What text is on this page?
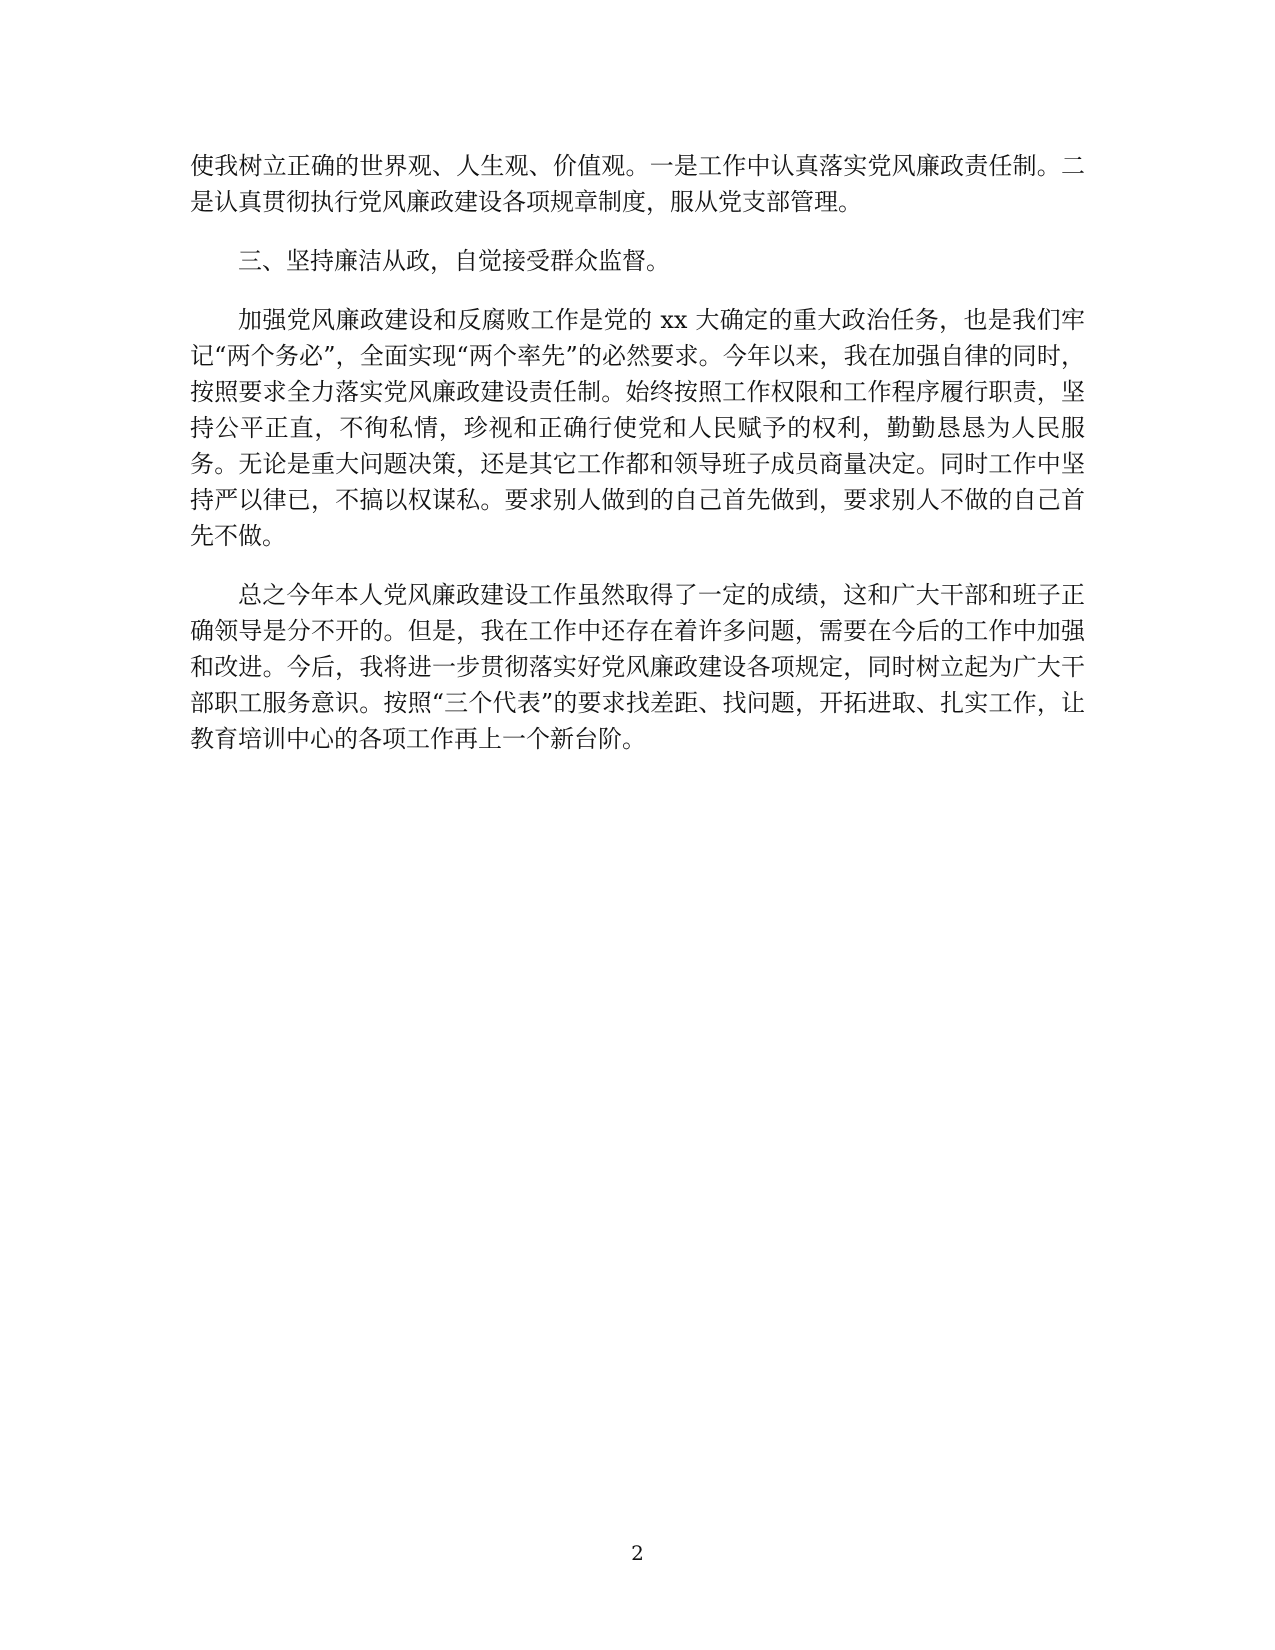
使我树立正确的世界观、人生观、价值观。一是工作中认真落实党风廉政责任制。二是认真贯彻执行党风廉政建设各项规章制度，服从党支部管理。

三、坚持廉洁从政，自觉接受群众监督。

加强党风廉政建设和反腐败工作是党的 xx 大确定的重大政治任务，也是我们牢记“两个务必”，全面实现“两个率先”的必然要求。今年以来，我在加强自律的同时，按照要求全力落实党风廉政建设责任制。始终按照工作权限和工作程序履行职责，坚持公平正直，不徇私情，珍视和正确行使党和人民赋予的权利，勤勤恳恳为人民服务。无论是重大问题决策，还是其它工作都和领导班子成员商量决定。同时工作中坚持严以律已，不搞以权谋私。要求别人做到的自己首先做到，要求别人不做的自己首先不做。

总之今年本人党风廉政建设工作虽然取得了一定的成绩，这和广大干部和班子正确领导是分不开的。但是，我在工作中还存在着许多问题，需要在今后的工作中加强和改进。今后，我将进一步贯彻落实好党风廉政建设各项规定，同时树立起为广大干部职工服务意识。按照“三个代表”的要求找差距、找问题，开拓进取、扎实工作，让教育培训中心的各项工作再上一个新台阶。

2
